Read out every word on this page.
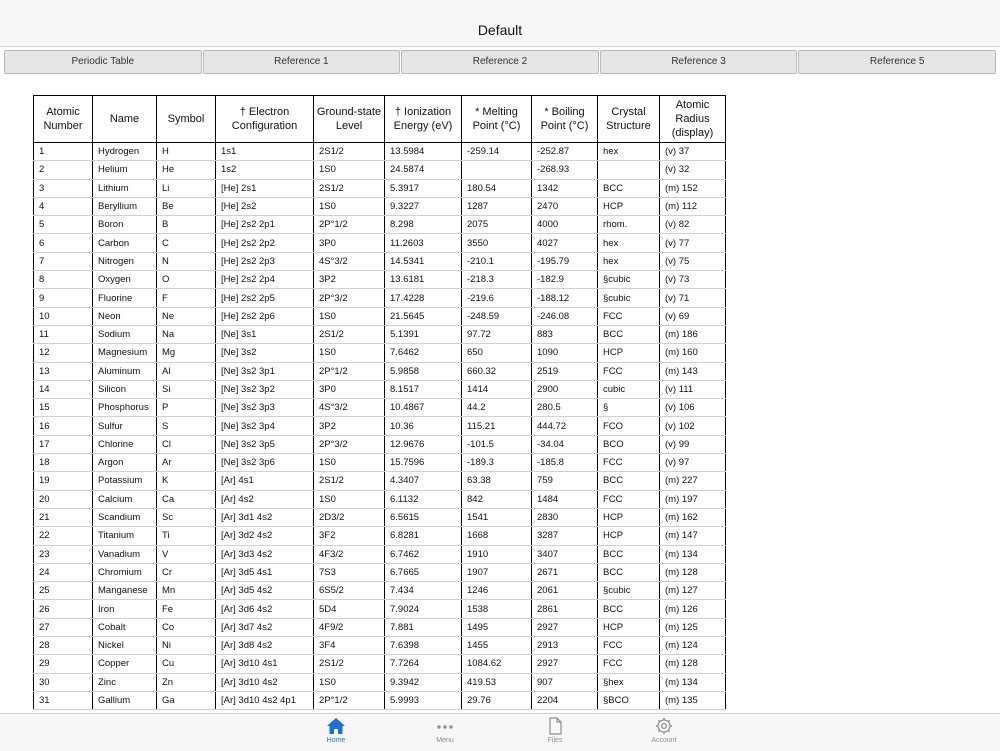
Default
Periodic Table	Reference 1	Reference 2	Reference 3	Reference 5
Atomic Number	Name	Symbol	† Electron Configuration	Ground-state Level	† Ionization Energy (eV)	* Melting Point (°C)	* Boiling Point (°C)	Crystal Structure	Atomic Radius (display)
1	Hydrogen	H	1s1	2S1/2	13.5984	-259.14	-252.87	hex	(v) 37
2	Helium	He	1s2	1S0	24.5874		-268.93		(v) 32
3	Lithium	Li	[He] 2s1	2S1/2	5.3917	180.54	1342	BCC	(m) 152
4	Beryllium	Be	[He] 2s2	1S0	9.3227	1287	2470	HCP	(m) 112
5	Boron	B	[He] 2s2 2p1	2P°1/2	8.298	2075	4000	rhom.	(v) 82
6	Carbon	C	[He] 2s2 2p2	3P0	11.2603	3550	4027	hex	(v) 77
7	Nitrogen	N	[He] 2s2 2p3	4S°3/2	14.5341	-210.1	-195.79	hex	(v) 75
8	Oxygen	O	[He] 2s2 2p4	3P2	13.6181	-218.3	-182.9	§cubic	(v) 73
9	Fluorine	F	[He] 2s2 2p5	2P°3/2	17.4228	-219.6	-188.12	§cubic	(v) 71
10	Neon	Ne	[He] 2s2 2p6	1S0	21.5645	-248.59	-246.08	FCC	(v) 69
11	Sodium	Na	[Ne] 3s1	2S1/2	5.1391	97.72	883	BCC	(m) 186
12	Magnesium	Mg	[Ne] 3s2	1S0	7.6462	650	1090	HCP	(m) 160
13	Aluminum	Al	[Ne] 3s2 3p1	2P°1/2	5.9858	660.32	2519	FCC	(m) 143
14	Silicon	Si	[Ne] 3s2 3p2	3P0	8.1517	1414	2900	cubic	(v) 111
15	Phosphorus	P	[Ne] 3s2 3p3	4S°3/2	10.4867	44.2	280.5	§	(v) 106
16	Sulfur	S	[Ne] 3s2 3p4	3P2	10.36	115.21	444.72	FCO	(v) 102
17	Chlorine	Cl	[Ne] 3s2 3p5	2P°3/2	12.9676	-101.5	-34.04	BCO	(v) 99
18	Argon	Ar	[Ne] 3s2 3p6	1S0	15.7596	-189.3	-185.8	FCC	(v) 97
19	Potassium	K	[Ar] 4s1	2S1/2	4.3407	63.38	759	BCC	(m) 227
20	Calcium	Ca	[Ar] 4s2	1S0	6.1132	842	1484	FCC	(m) 197
21	Scandium	Sc	[Ar] 3d1 4s2	2D3/2	6.5615	1541	2830	HCP	(m) 162
22	Titanium	Ti	[Ar] 3d2 4s2	3F2	6.8281	1668	3287	HCP	(m) 147
23	Vanadium	V	[Ar] 3d3 4s2	4F3/2	6.7462	1910	3407	BCC	(m) 134
24	Chromium	Cr	[Ar] 3d5 4s1	7S3	6.7665	1907	2671	BCC	(m) 128
25	Manganese	Mn	[Ar] 3d5 4s2	6S5/2	7.434	1246	2061	§cubic	(m) 127
26	Iron	Fe	[Ar] 3d6 4s2	5D4	7.9024	1538	2861	BCC	(m) 126
27	Cobalt	Co	[Ar] 3d7 4s2	4F9/2	7.881	1495	2927	HCP	(m) 125
28	Nickel	Ni	[Ar] 3d8 4s2	3F4	7.6398	1455	2913	FCC	(m) 124
29	Copper	Cu	[Ar] 3d10 4s1	2S1/2	7.7264	1084.62	2927	FCC	(m) 128
30	Zinc	Zn	[Ar] 3d10 4s2	1S0	9.3942	419.53	907	§hex	(m) 134
31	Gallium	Ga	[Ar] 3d10 4s2 4p1	2P°1/2	5.9993	29.76	2204	§BCO	(m) 135
Home	Menu	Files	Account
